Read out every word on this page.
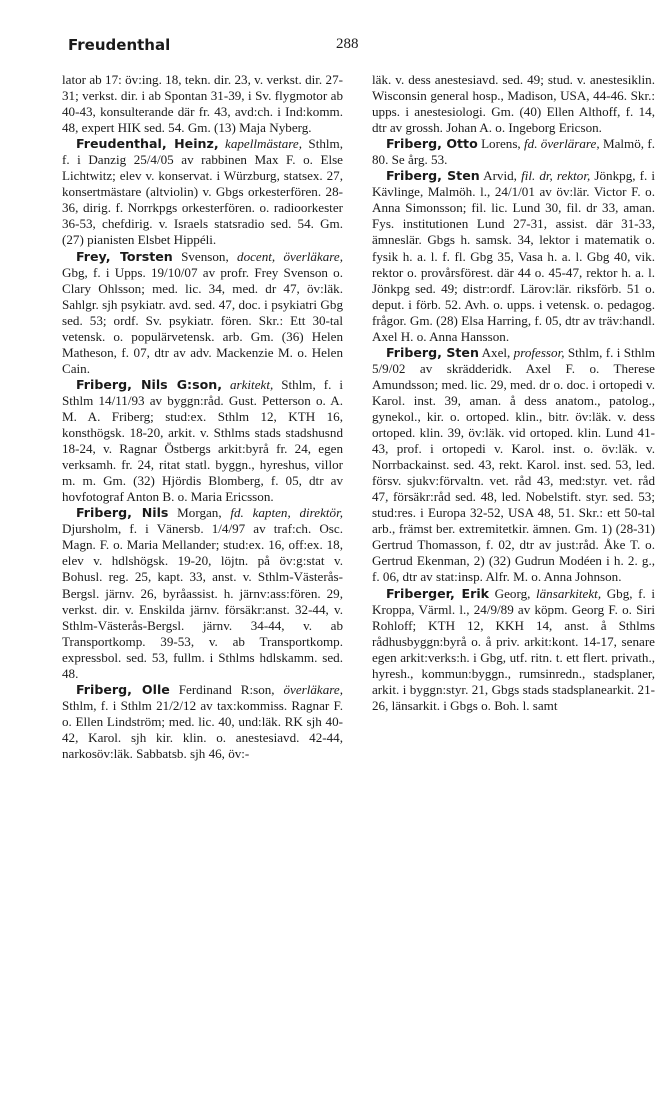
Freudenthal	288

lator ab 17: öv:ing. 18, tekn. dir. 23, v. verkst. dir. 27-31; verkst. dir. i ab Spontan 31-39, i Sv. flygmotor ab 40-43, konsulterande där fr. 43, avd:ch. i Ind:komm. 48, expert HIK sed. 54. Gm. (13) Maja Nyberg.

Freudenthal, Heinz, kapellmästare, Sthlm, f. i Danzig 25/4/05 av rabbinen Max F. o. Else Lichtwitz; elev v. konservat. i Würzburg, statsex. 27, konsertmästare (altviolin) v. Gbgs orkesterfören. 28-36, dirig. f. Norrkpgs orkesterfören. o. radioorkester 36-53, chefdirig. v. Israels statsradio sed. 54. Gm. (27) pianisten Elsbet Hippéli.

Frey, Torsten Svenson, docent, överläkare, Gbg, f. i Upps. 19/10/07 av profr. Frey Svenson o. Clary Ohlsson; med. lic. 34, med. dr 47, öv:läk. Sahlgr. sjh psykiatr. avd. sed. 47, doc. i psykiatri Gbg sed. 53; ordf. Sv. psykiatr. fören. Skr.: Ett 30-tal vetensk. o. populärvetensk. arb. Gm. (36) Helen Matheson, f. 07, dtr av adv. Mackenzie M. o. Helen Cain.

Friberg, Nils G:son, arkitekt, Sthlm, f. i Sthlm 14/11/93 av byggn:råd. Gust. Petterson o. A. M. A. Friberg; stud:ex. Sthlm 12, KTH 16, konsthögsk. 18-20, arkit. v. Sthlms stads stadshusnd 18-24, v. Ragnar Östbergs arkit:byrå fr. 24, egen verksamh. fr. 24, ritat statl. byggn., hyreshus, villor m. m. Gm. (32) Hjördis Blomberg, f. 05, dtr av hovfotograf Anton B. o. Maria Ericsson.

Friberg, Nils Morgan, fd. kapten, direktör, Djursholm, f. i Vänersb. 1/4/97 av traf:ch. Osc. Magn. F. o. Maria Mellander; stud:ex. 16, off:ex. 18, elev v. hdlshögsk. 19-20, löjtn. på öv:g:stat v. Bohusl. reg. 25, kapt. 33, anst. v. Sthlm-Västerås-Bergsl. järnv. 26, byråassist. h. järnv:ass:fören. 29, verkst. dir. v. Enskilda järnv. försäkr:anst. 32-44, v. Sthlm-Västerås-Bergsl. järnv. 34-44, v. ab Transportkomp. 39-53, v. ab Transportkomp. expressbol. sed. 53, fullm. i Sthlms hdlskamm. sed. 48.

Friberg, Olle Ferdinand R:son, överläkare, Sthlm, f. i Sthlm 21/2/12 av tax:kommiss. Ragnar F. o. Ellen Lindström; med. lic. 40, und:läk. RK sjh 40-42, Karol. sjh kir. klin. o. anestesiavd. 42-44, narkosöv:läk. Sabbatsb. sjh 46, öv:-

läk. v. dess anestesiavd. sed. 49; stud. v. anestesiklin. Wisconsin general hosp., Madison, USA, 44-46. Skr.: upps. i anestesiologi. Gm. (40) Ellen Althoff, f. 14, dtr av grossh. Johan A. o. Ingeborg Ericson.

Friberg, Otto Lorens, fd. överlärare, Malmö, f. 80. Se årg. 53.

Friberg, Sten Arvid, fil. dr, rektor, Jönkpg, f. i Kävlinge, Malmöh. l., 24/1/01 av öv:lär. Victor F. o. Anna Simonsson; fil. lic. Lund 30, fil. dr 33, aman. Fys. institutionen Lund 27-31, assist. där 31-33, ämneslär. Gbgs h. samsk. 34, lektor i matematik o. fysik h. a. l. f. fl. Gbg 35, Vasa h. a. l. Gbg 40, vik. rektor o. provårsförest. där 44 o. 45-47, rektor h. a. l. Jönkpg sed. 49; distr:ordf. Lärov:lär. riksförb. 51 o. deput. i förb. 52. Avh. o. upps. i vetensk. o. pedagog. frågor. Gm. (28) Elsa Harring, f. 05, dtr av träv:handl. Axel H. o. Anna Hansson.

Friberg, Sten Axel, professor, Sthlm, f. i Sthlm 5/9/02 av skrädderidk. Axel F. o. Therese Amundsson; med. lic. 29, med. dr o. doc. i ortopedi v. Karol. inst. 39, aman. å dess anatom., patolog., gynekol., kir. o. ortoped. klin., bitr. öv:läk. v. dess ortoped. klin. 39, öv:läk. vid ortoped. klin. Lund 41-43, prof. i ortopedi v. Karol. inst. o. öv:läk. v. Norrbackainst. sed. 43, rekt. Karol. inst. sed. 53, led. försv. sjukv:förvaltn. vet. råd 43, med:styr. vet. råd 47, försäkr:råd sed. 48, led. Nobelstift. styr. sed. 53; stud:res. i Europa 32-52, USA 48, 51. Skr.: ett 50-tal arb., främst ber. extremitetkir. ämnen. Gm. 1) (28-31) Gertrud Thomasson, f. 02, dtr av just:råd. Åke T. o. Gertrud Ekenman, 2) (32) Gudrun Modéen i h. 2. g., f. 06, dtr av stat:insp. Alfr. M. o. Anna Johnson.

Friberger, Erik Georg, länsarkitekt, Gbg, f. i Kroppa, Värml. l., 24/9/89 av köpm. Georg F. o. Siri Rohloff; KTH 12, KKH 14, anst. å Sthlms rådhusbyggn:byrå o. å priv. arkit:kont. 14-17, senare egen arkit:verks:h. i Gbg, utf. ritn. t. ett flert. privath., hyresh., kommun:byggn., rumsinredn., stadsplaner, arkit. i byggn:styr. 21, Gbgs stads stadsplanearkit. 21-26, länsarkit. i Gbgs o. Boh. l. samt
